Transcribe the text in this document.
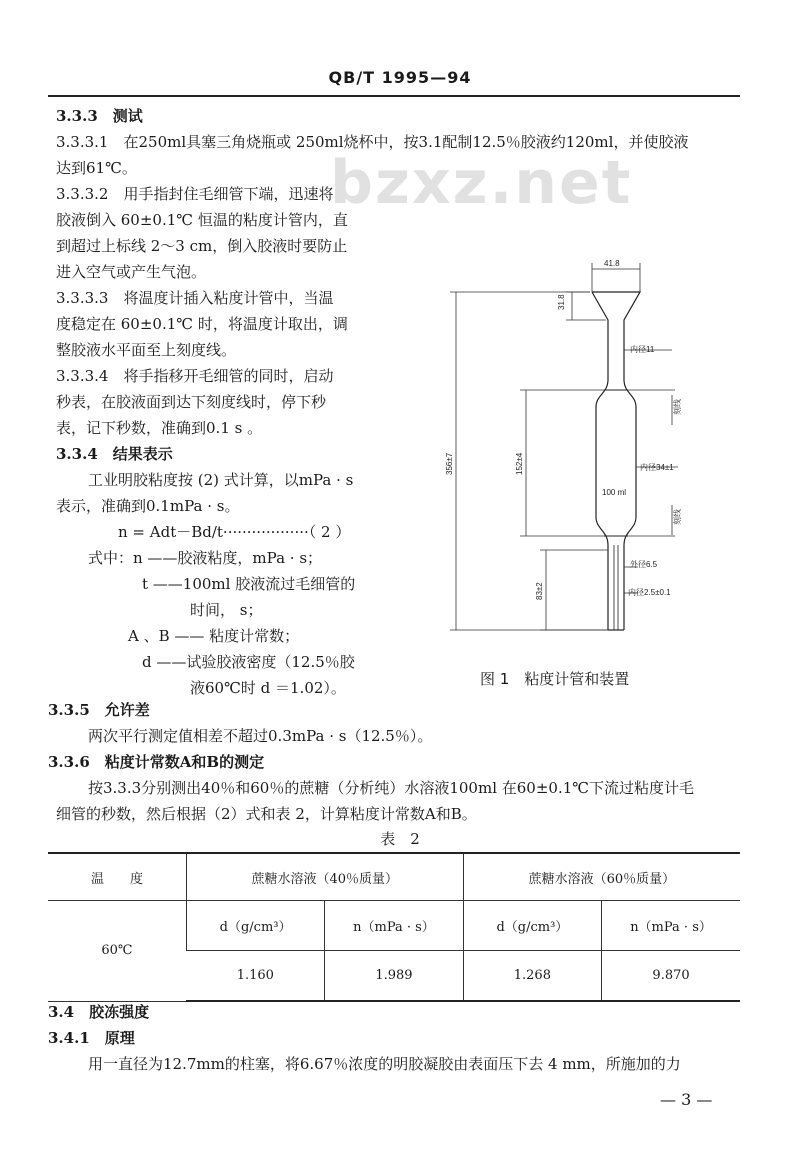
QB/T 1995—94
bzxz.net
3.3.3　测试
3.3.3.1　在250ml具塞三角烧瓶或 250ml烧杯中，按3.1配制12.5％胶液约120ml，并使胶液
达到61℃。
3.3.3.2　用手指封住毛细管下端，迅速将
胶液倒入 60±0.1℃ 恒温的粘度计管内，直
到超过上标线 2～3 cm，倒入胶液时要防止
进入空气或产生气泡。
3.3.3.3　将温度计插入粘度计管中，当温
度稳定在 60±0.1℃ 时，将温度计取出，调
整胶液水平面至上刻度线。
3.3.3.4　将手指移开毛细管的同时，启动
秒表，在胶液面到达下刻度线时，停下秒
表，记下秒数，准确到0.1 s 。
3.3.4　结果表示
工业明胶粘度按 (2) 式计算，以mPa · s
表示，准确到0.1mPa · s。
n = Adt－Bd/t··················（ 2 ）
式中：n ——胶液粘度，mPa · s；
t ——100ml 胶液流过毛细管的
时间， s；
A 、B —— 粘度计常数；
d ——试验胶液密度（12.5％胶
液60℃时 d ＝1.02）。
41.8
31.8
内径11
356±7	152±4	内径34±1
100 ml
刻线
刻线
外径6.5
83±2	内径2.5±0.1
图 1　粘度计管和装置
3.3.5　允许差
两次平行测定值相差不超过0.3mPa · s（12.5％）。
3.3.6　粘度计常数A和B的测定
按3.3.3分别测出40％和60％的蔗糖（分析纯）水溶液100ml 在60±0.1℃下流过粘度计毛
细管的秒数，然后根据（2）式和表 2，计算粘度计常数A和B。
表　2
温　　度	蔗糖水溶液（40％质量）		蔗糖水溶液（60％质量）	
60℃	d（g/cm³）	n（mPa · s）	d（g/cm³）	n（mPa · s）
	1.160	1.989	1.268	9.870
3.4　胶冻强度
3.4.1　原理
用一直径为12.7mm的柱塞，将6.67％浓度的明胶凝胶由表面压下去 4 mm，所施加的力
— 3 —
